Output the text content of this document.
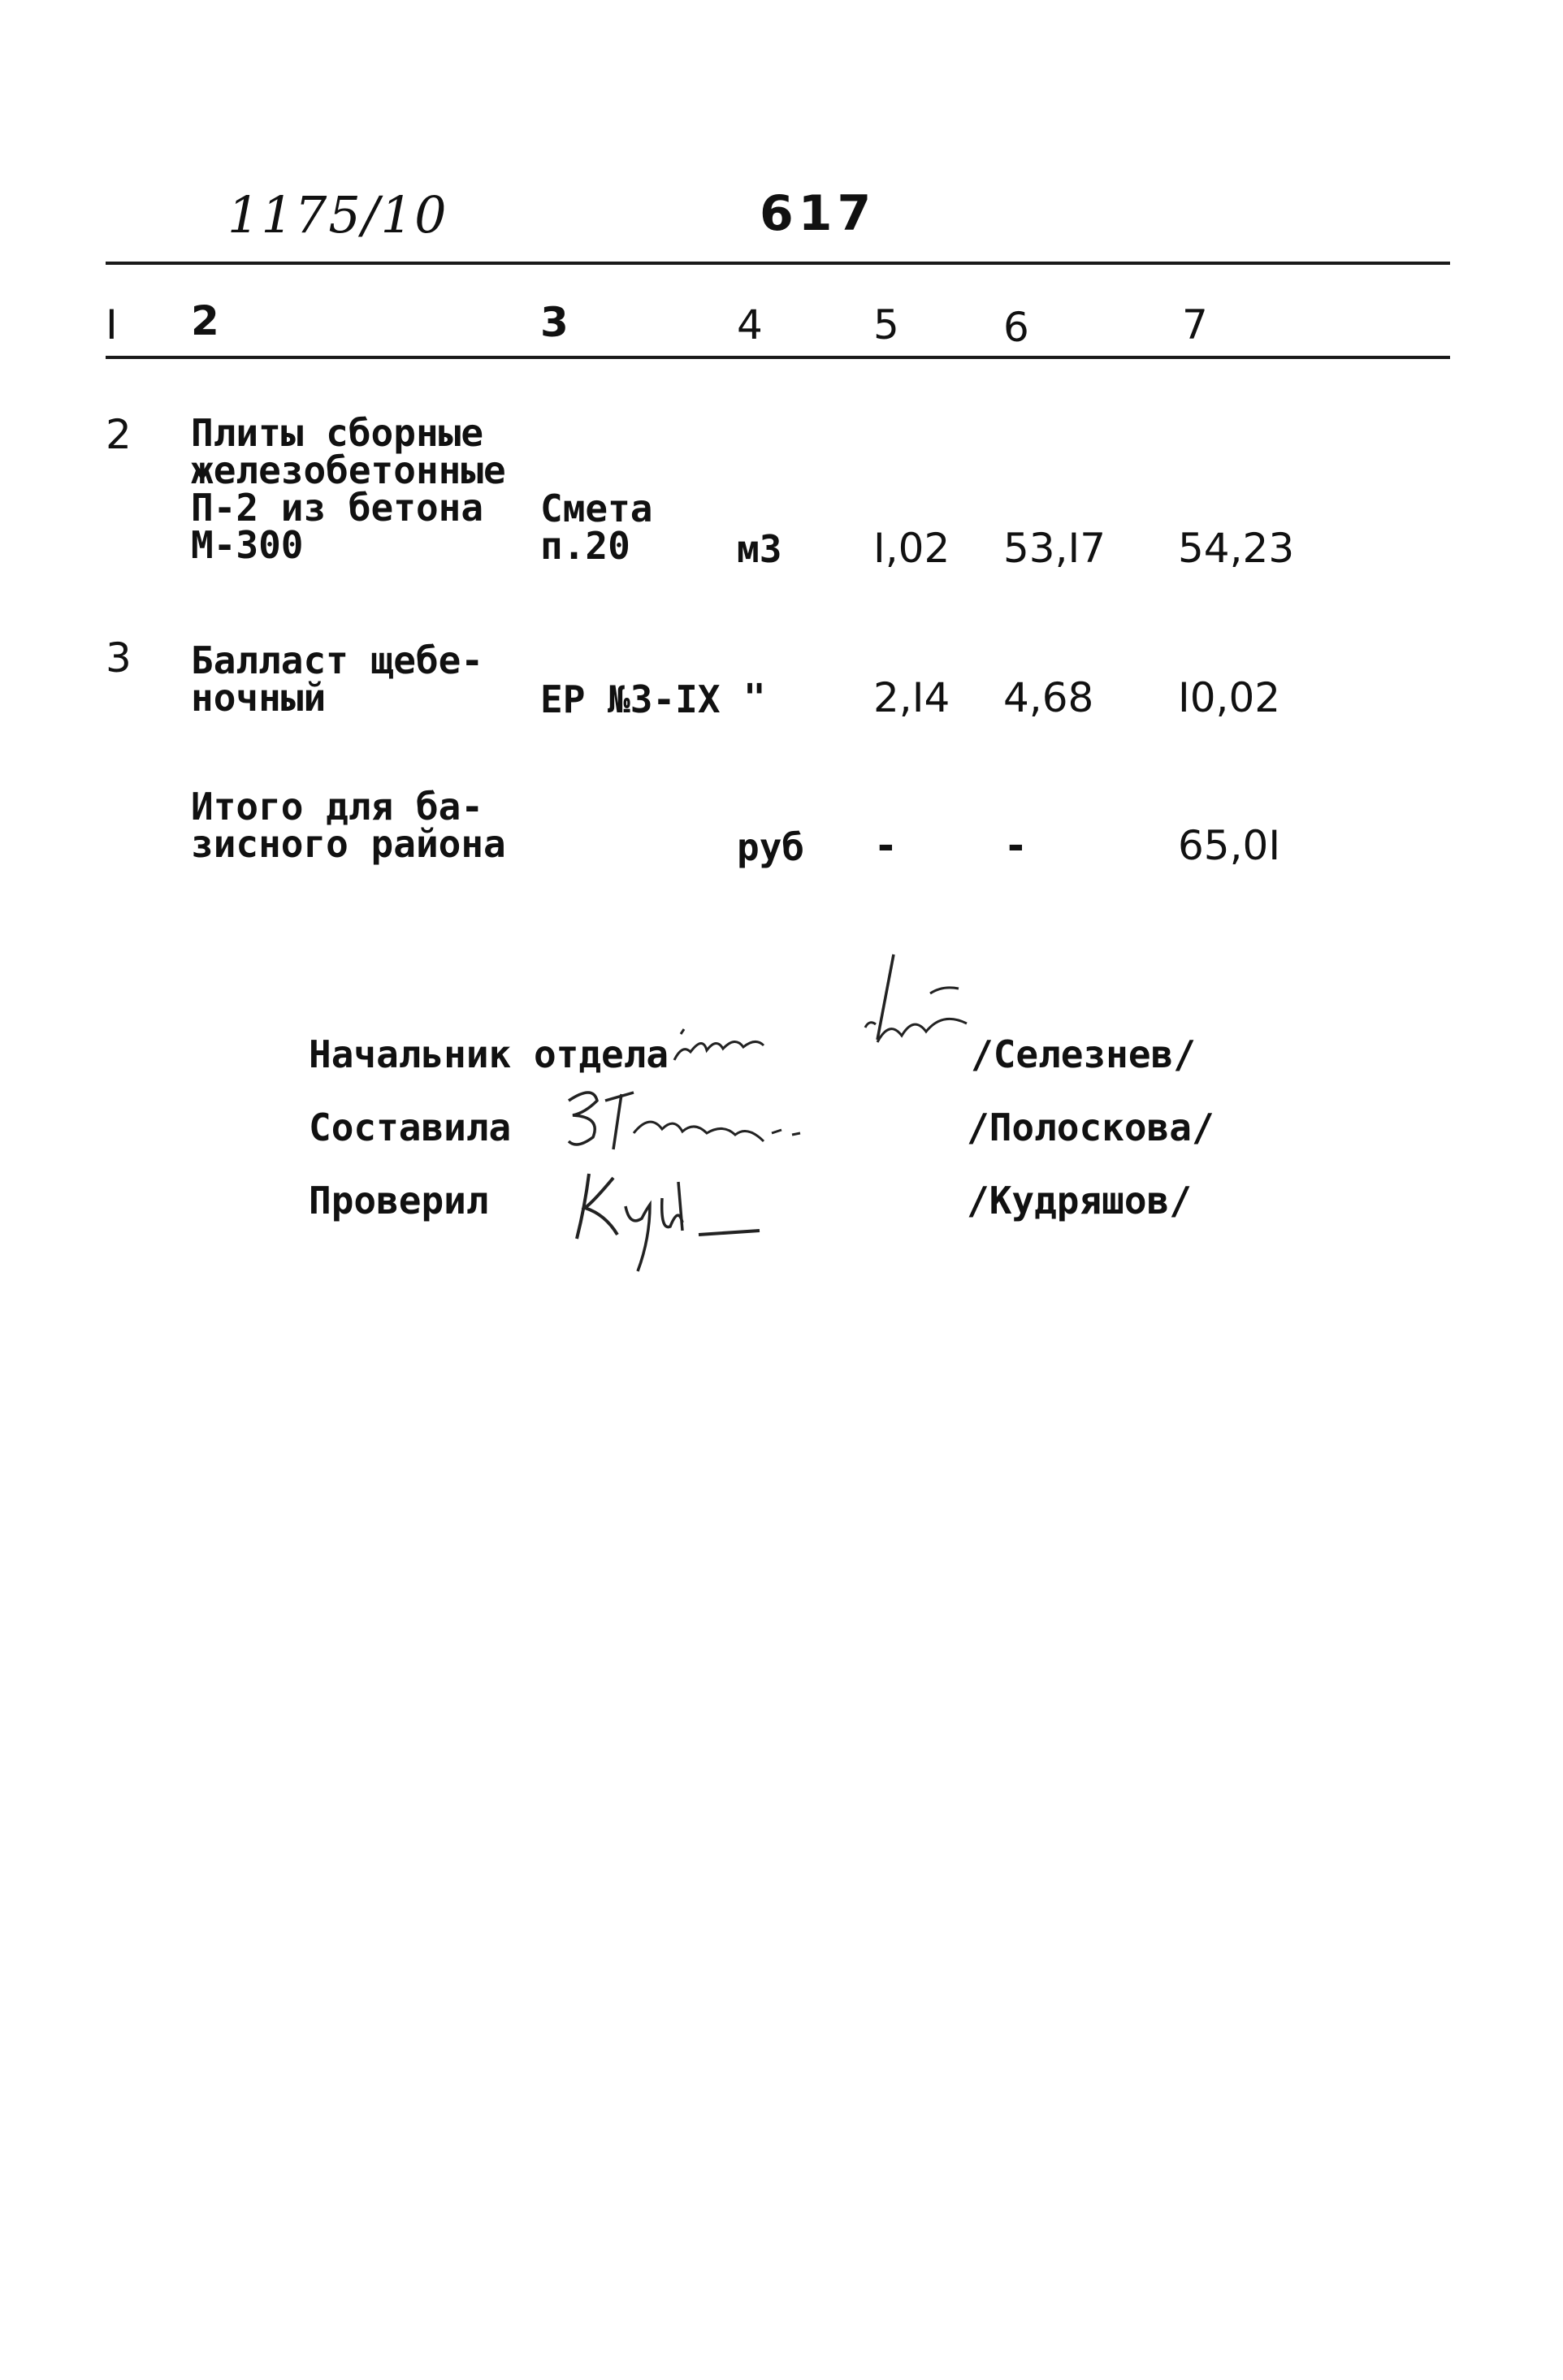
1175/10	617
I 2	3	4	5	6	7
2 Плиты сборные
железобетонные
П-2 из бетона
М-300
Смета
п.20	м3 I,02 53,I7 54,23
3 Балласт щебе-
ночный	ЕР №3-IX "	2,I4 4,68 I0,02
Итого для ба-
зисного района	руб -	-	65,0I
Начальник отдела	/Селезнев/
Составила	/Полоскова/
Проверил	/Кудряшов/
